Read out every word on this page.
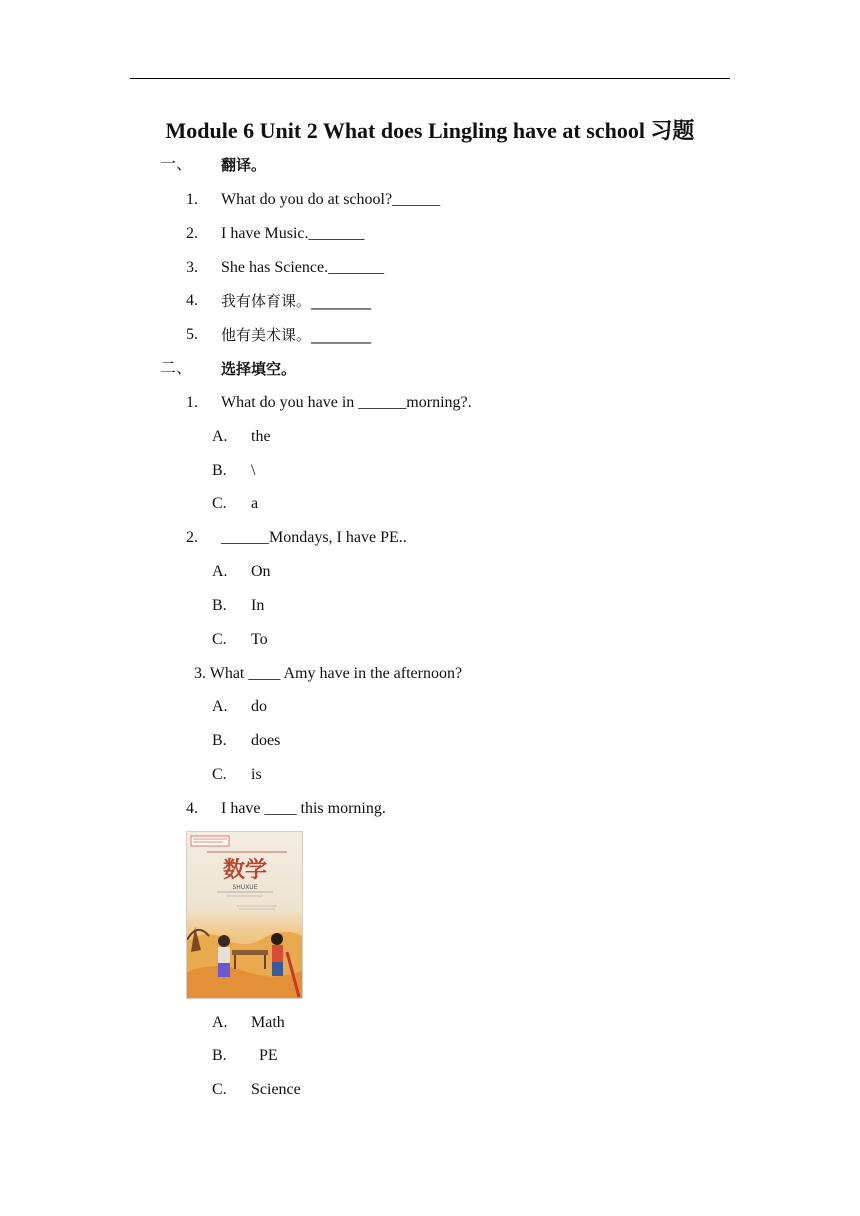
Module 6 Unit 2 What does Lingling have at school 习题
一、 翻译。
1. What do you do at school?______
2. I have Music._______
3. She has Science._______
4. 我有体育课。________
5. 他有美术课。________
二、 选择填空。
1. What do you have in ______morning?.
A. the
B. \
C. a
2. ______Mondays, I have PE..
A. On
B. In
C. To
3. What ____ Amy have in the afternoon?
A. do
B. does
C. is
4. I have ____ this morning.
数学
SHUXUE
A. Math
B. PE
C. Science
